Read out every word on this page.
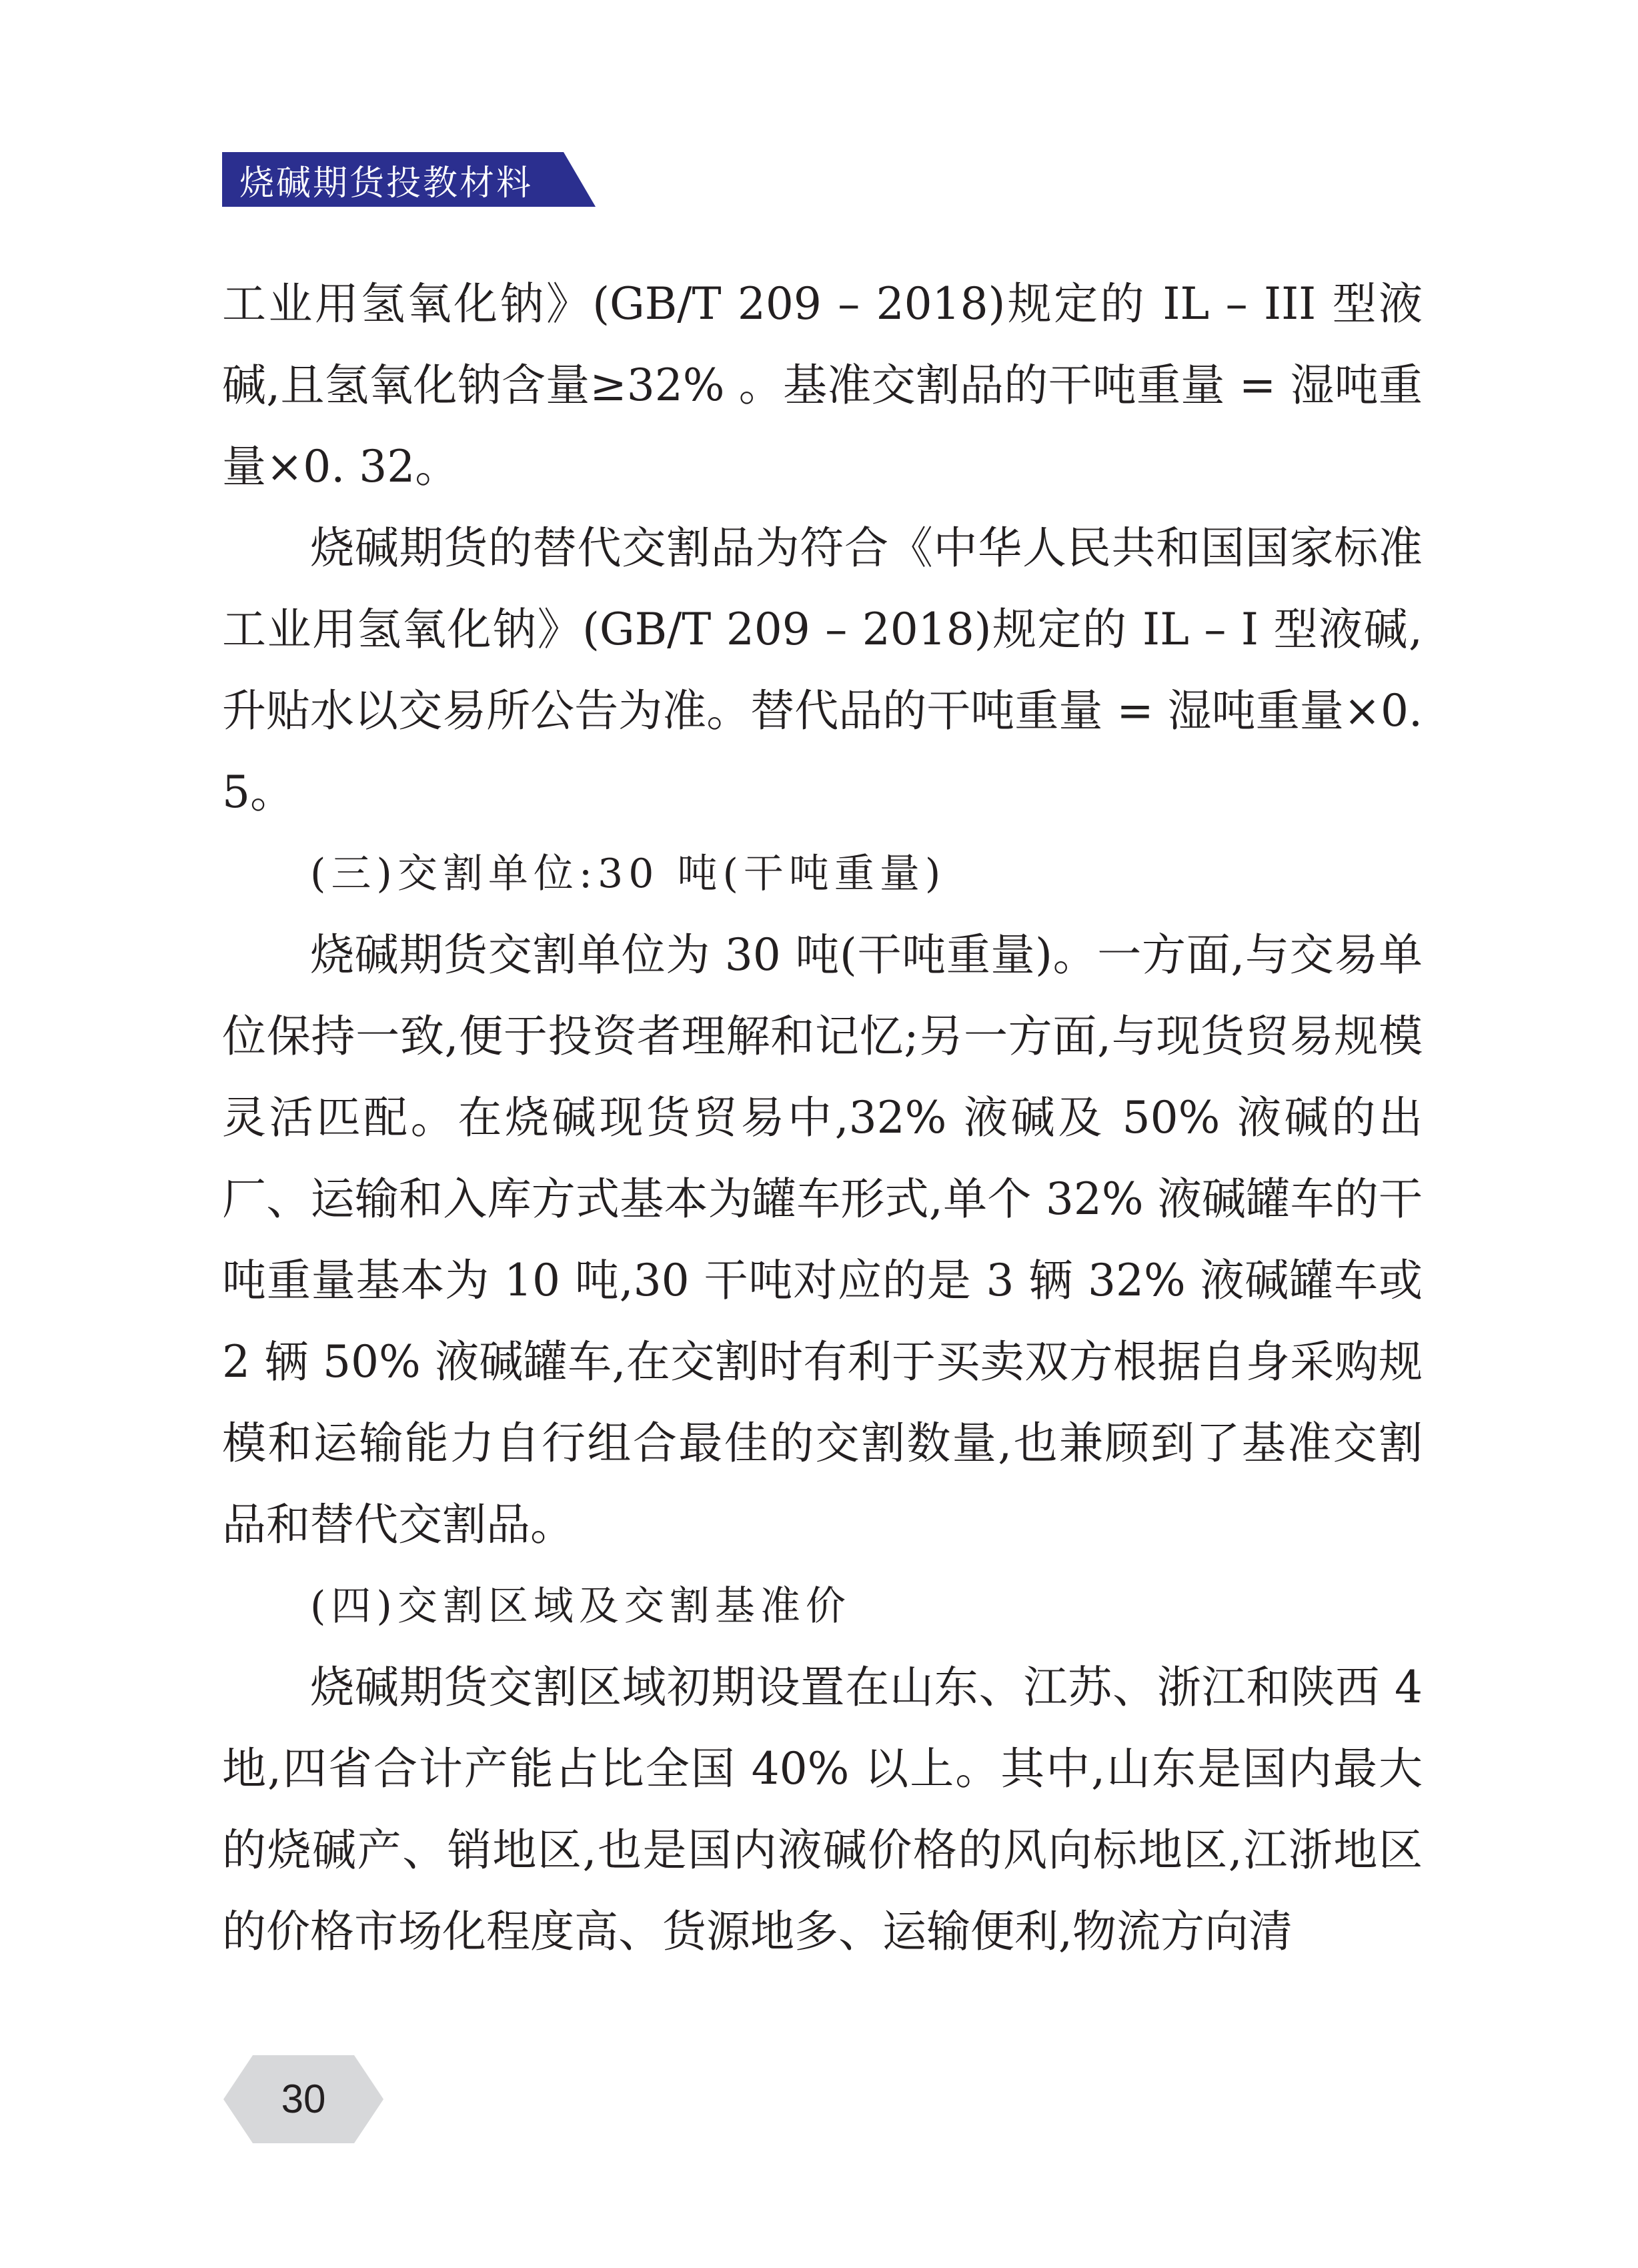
烧碱期货投教材料

工业用氢氧化钠》(GB/T 209 – 2018)规定的 IL – III 型液碱,且氢氧化钠含量≥32% 。基准交割品的干吨重量 = 湿吨重量×0. 32。

烧碱期货的替代交割品为符合《中华人民共和国国家标准 工业用氢氧化钠》(GB/T 209 – 2018)规定的 IL – I 型液碱,升贴水以交易所公告为准。替代品的干吨重量 = 湿吨重量×0. 5。

(三)交割单位:30 吨(干吨重量)

烧碱期货交割单位为 30 吨(干吨重量)。一方面,与交易单位保持一致,便于投资者理解和记忆;另一方面,与现货贸易规模灵活匹配。在烧碱现货贸易中,32% 液碱及 50% 液碱的出厂、运输和入库方式基本为罐车形式,单个 32% 液碱罐车的干吨重量基本为 10 吨,30 干吨对应的是 3 辆 32% 液碱罐车或 2 辆 50% 液碱罐车,在交割时有利于买卖双方根据自身采购规模和运输能力自行组合最佳的交割数量,也兼顾到了基准交割品和替代交割品。

(四)交割区域及交割基准价

烧碱期货交割区域初期设置在山东、江苏、浙江和陕西 4 地,四省合计产能占比全国 40% 以上。其中,山东是国内最大的烧碱产、销地区,也是国内液碱价格的风向标地区,江浙地区的价格市场化程度高、货源地多、运输便利,物流方向清

30
